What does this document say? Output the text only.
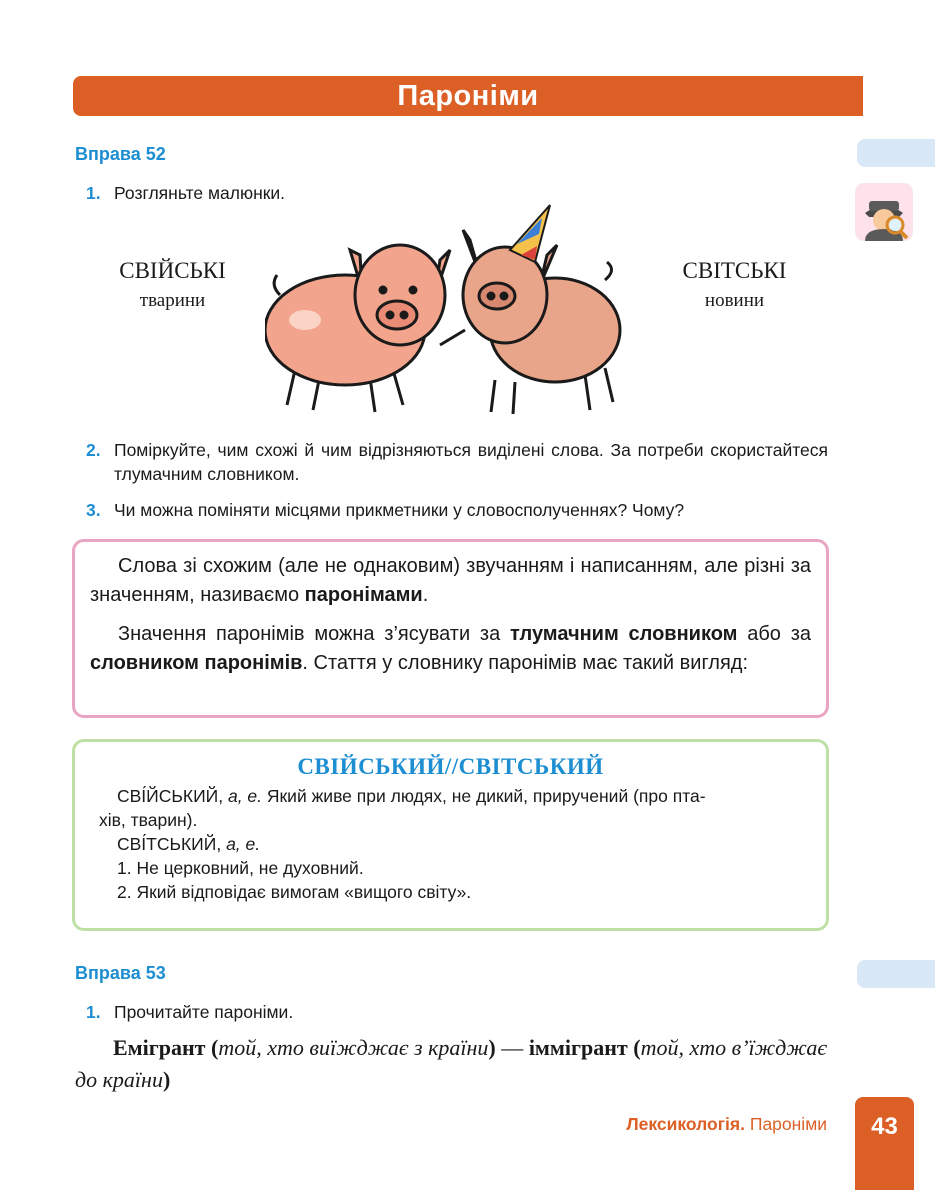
Пароніми
Вправа 52
1. Розгляньте малюнки.
СВІЙСЬКІ
тварини
СВІТСЬКІ
новини
2. Поміркуйте, чим схожі й чим відрізняються виділені слова. За потреби скористайтеся тлумачним словником.
3. Чи можна поміняти місцями прикметники у словосполученнях? Чому?

Слова зі схожим (але не однаковим) звучанням і написанням, але різні за значенням, називаємо паронімами.

Значення паронімів можна з’ясувати за тлумачним словником або за словником паронімів. Стаття у словнику паронімів має такий вигляд:

СВІЙСЬКИЙ//СВІТСЬКИЙ
СВІ́ЙСЬКИЙ, а, е. Який живе при людях, не дикий, приручений (про пта-
хів, тварин).
СВІ́ТСЬКИЙ, а, е.
1. Не церковний, не духовний.
2. Який відповідає вимогам «вищого світу».
Вправа 53
1. Прочитайте пароніми.
Емігрант (той, хто виїжджає з країни) — іммігрант (той, хто в’їжджає до країни)
Лексикологія. Пароніми	43
